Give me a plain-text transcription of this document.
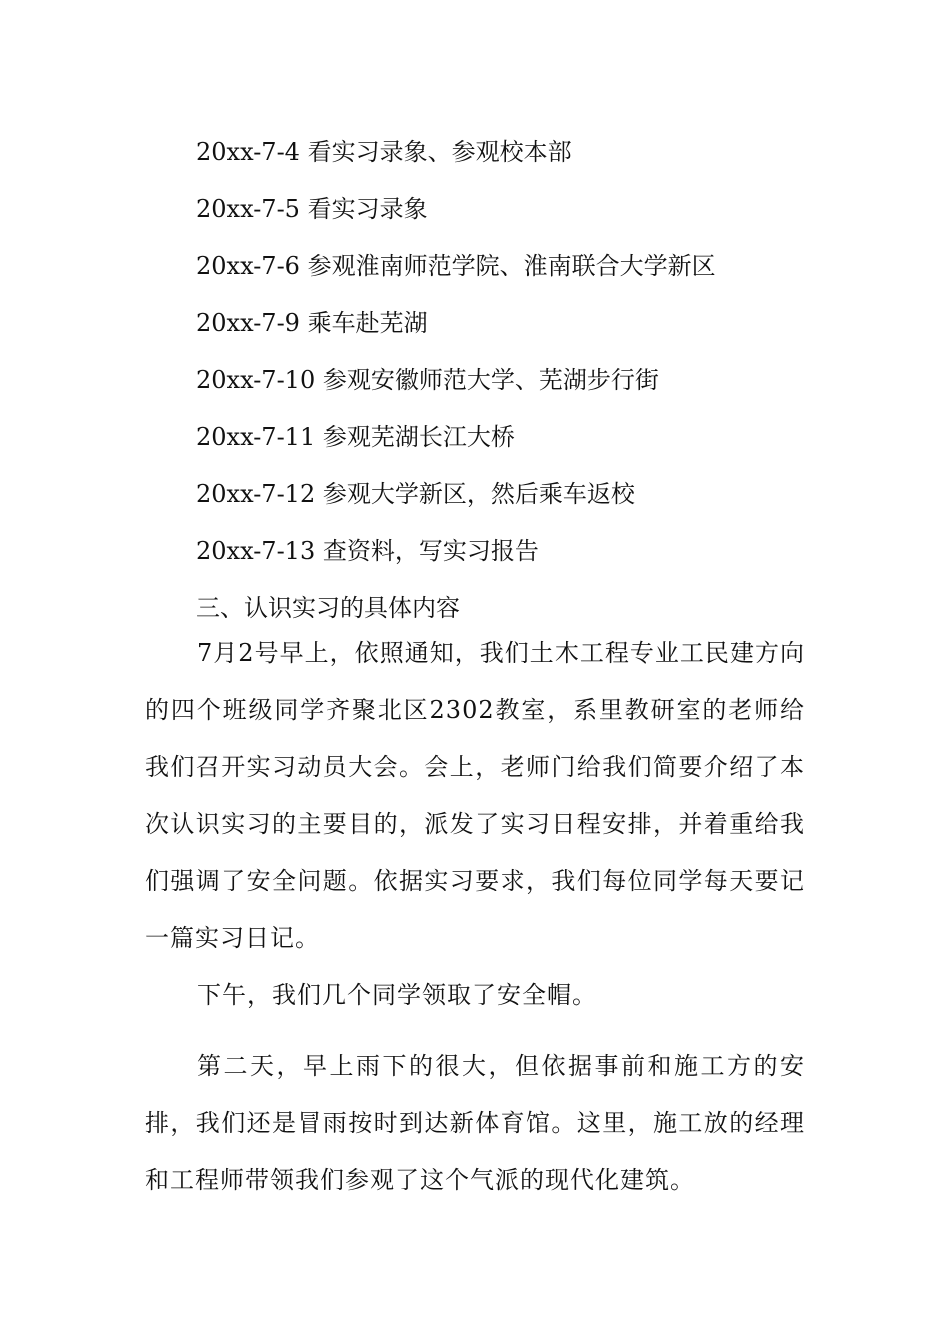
20xx-7-4 看实习录象、参观校本部
20xx-7-5 看实习录象
20xx-7-6 参观淮南师范学院、淮南联合大学新区
20xx-7-9 乘车赴芜湖
20xx-7-10 参观安徽师范大学、芜湖步行街
20xx-7-11 参观芜湖长江大桥
20xx-7-12 参观大学新区，然后乘车返校
20xx-7-13 查资料，写实习报告
三、认识实习的具体内容

7月2号早上，依照通知，我们土木工程专业工民建方向的四个班级同学齐聚北区2302教室，系里教研室的老师给我们召开实习动员大会。会上，老师门给我们简要介绍了本次认识实习的主要目的，派发了实习日程安排，并着重给我们强调了安全问题。依据实习要求，我们每位同学每天要记一篇实习日记。

下午，我们几个同学领取了安全帽。

第二天，早上雨下的很大，但依据事前和施工方的安排，我们还是冒雨按时到达新体育馆。这里，施工放的经理和工程师带领我们参观了这个气派的现代化建筑。
